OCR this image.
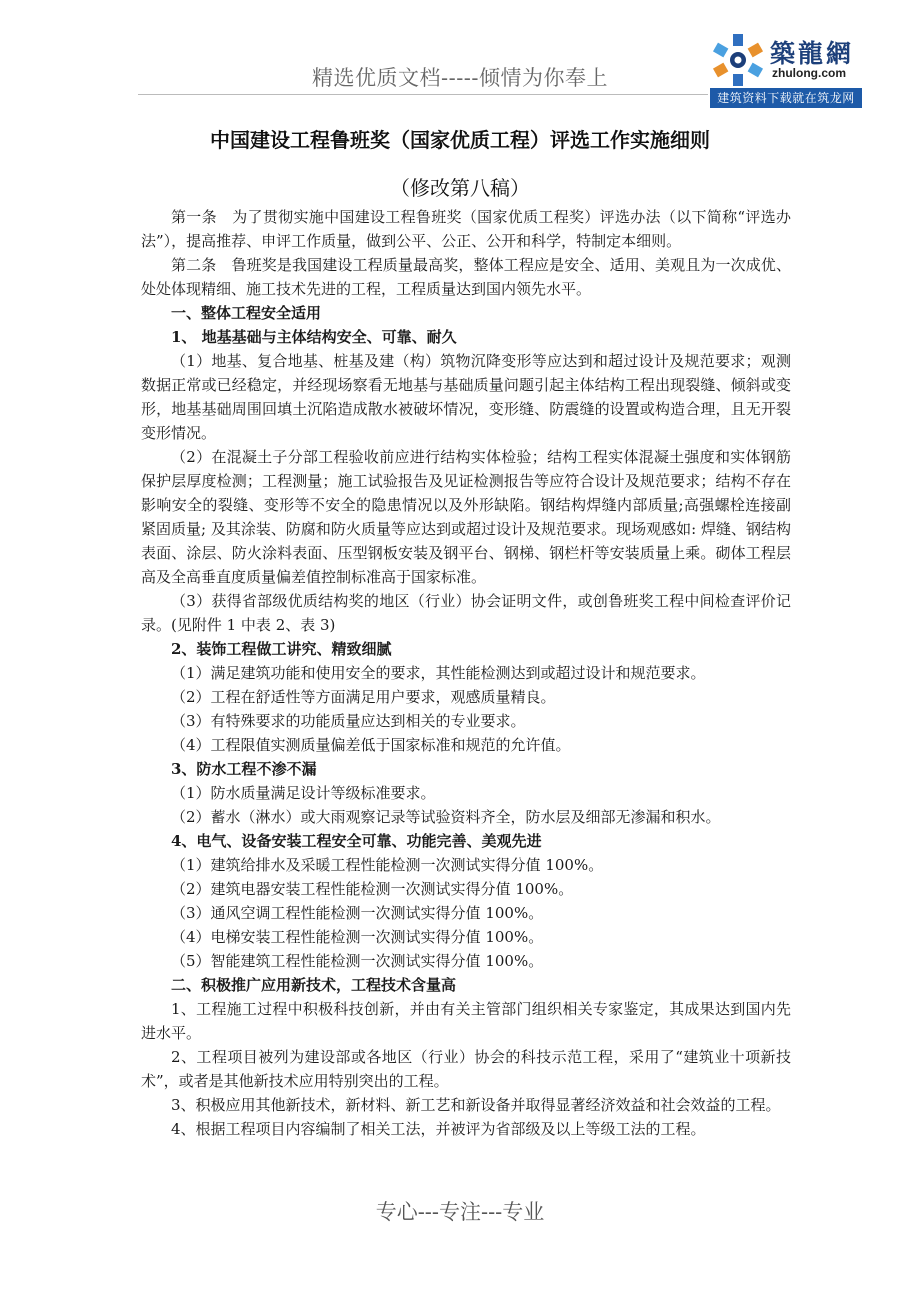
精选优质文档-----倾情为你奉上
築龍網
zhulong.com
建筑资料下载就在筑龙网
中国建设工程鲁班奖（国家优质工程）评选工作实施细则
（修改第八稿）

第一条　为了贯彻实施中国建设工程鲁班奖（国家优质工程奖）评选办法（以下简称“评选办法”），提高推荐、申评工作质量，做到公平、公正、公开和科学，特制定本细则。

第二条　鲁班奖是我国建设工程质量最高奖，整体工程应是安全、适用、美观且为一次成优、处处体现精细、施工技术先进的工程，工程质量达到国内领先水平。

一、整体工程安全适用

1、 地基基础与主体结构安全、可靠、耐久

（1）地基、复合地基、桩基及建（构）筑物沉降变形等应达到和超过设计及规范要求；观测数据正常或已经稳定，并经现场察看无地基与基础质量问题引起主体结构工程出现裂缝、倾斜或变形，地基基础周围回填土沉陷造成散水被破坏情况，变形缝、防震缝的设置或构造合理，且无开裂变形情况。

（2）在混凝土子分部工程验收前应进行结构实体检验；结构工程实体混凝土强度和实体钢筋保护层厚度检测；工程测量；施工试验报告及见证检测报告等应符合设计及规范要求；结构不存在影响安全的裂缝、变形等不安全的隐患情况以及外形缺陷。钢结构焊缝内部质量;高强螺栓连接副紧固质量; 及其涂装、防腐和防火质量等应达到或超过设计及规范要求。现场观感如: 焊缝、钢结构表面、涂层、防火涂料表面、压型钢板安装及钢平台、钢梯、钢栏杆等安装质量上乘。砌体工程层高及全高垂直度质量偏差值控制标准高于国家标准。

（3）获得省部级优质结构奖的地区（行业）协会证明文件，或创鲁班奖工程中间检查评价记录。(见附件 1 中表 2、表 3)

2、装饰工程做工讲究、精致细腻

（1）满足建筑功能和使用安全的要求，其性能检测达到或超过设计和规范要求。

（2）工程在舒适性等方面满足用户要求，观感质量精良。

（3）有特殊要求的功能质量应达到相关的专业要求。

（4）工程限值实测质量偏差低于国家标准和规范的允许值。

3、防水工程不渗不漏

（1）防水质量满足设计等级标准要求。

（2）蓄水（淋水）或大雨观察记录等试验资料齐全，防水层及细部无渗漏和积水。

4、电气、设备安装工程安全可靠、功能完善、美观先进

（1）建筑给排水及采暖工程性能检测一次测试实得分值 100%。

（2）建筑电器安装工程性能检测一次测试实得分值 100%。

（3）通风空调工程性能检测一次测试实得分值 100%。

（4）电梯安装工程性能检测一次测试实得分值 100%。

（5）智能建筑工程性能检测一次测试实得分值 100%。

二、积极推广应用新技术，工程技术含量高

1、工程施工过程中积极科技创新，并由有关主管部门组织相关专家鉴定，其成果达到国内先进水平。

2、工程项目被列为建设部或各地区（行业）协会的科技示范工程，采用了“建筑业十项新技术”，或者是其他新技术应用特别突出的工程。

3、积极应用其他新技术，新材料、新工艺和新设备并取得显著经济效益和社会效益的工程。

4、根据工程项目内容编制了相关工法，并被评为省部级及以上等级工法的工程。

专心---专注---专业
